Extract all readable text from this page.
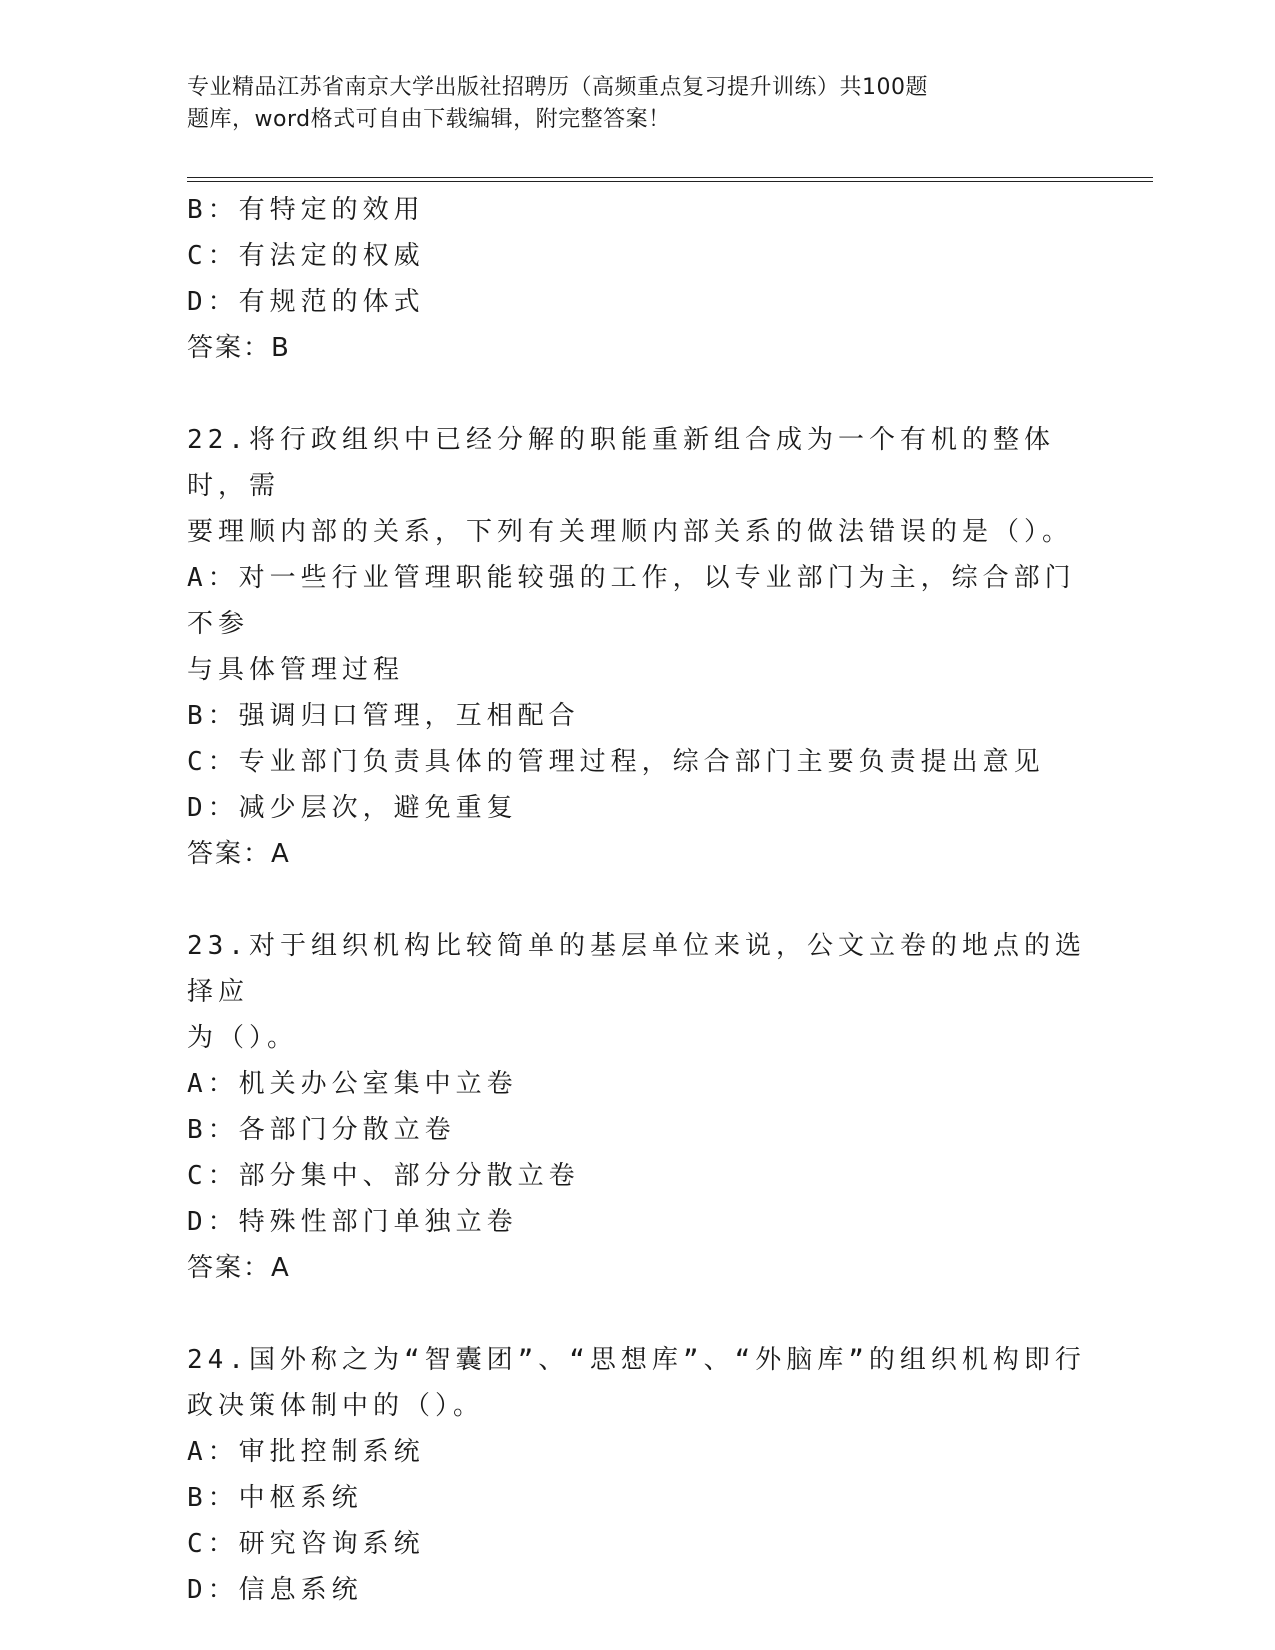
专业精品江苏省南京大学出版社招聘历（高频重点复习提升训练）共100题
题库，word格式可自由下载编辑，附完整答案！

B：有特定的效用

C：有法定的权威

D：有规范的体式

答案：B

22.将行政组织中已经分解的职能重新组合成为一个有机的整体时，需

要理顺内部的关系，下列有关理顺内部关系的做法错误的是（）。

A：对一些行业管理职能较强的工作，以专业部门为主，综合部门不参

与具体管理过程

B：强调归口管理，互相配合

C：专业部门负责具体的管理过程，综合部门主要负责提出意见

D：减少层次，避免重复

答案：A

23.对于组织机构比较简单的基层单位来说，公文立卷的地点的选择应

为（）。

A：机关办公室集中立卷

B：各部门分散立卷

C：部分集中、部分分散立卷

D：特殊性部门单独立卷

答案：A

24.国外称之为“智囊团”、“思想库”、“外脑库”的组织机构即行

政决策体制中的（）。

A：审批控制系统

B：中枢系统

C：研究咨询系统

D：信息系统
